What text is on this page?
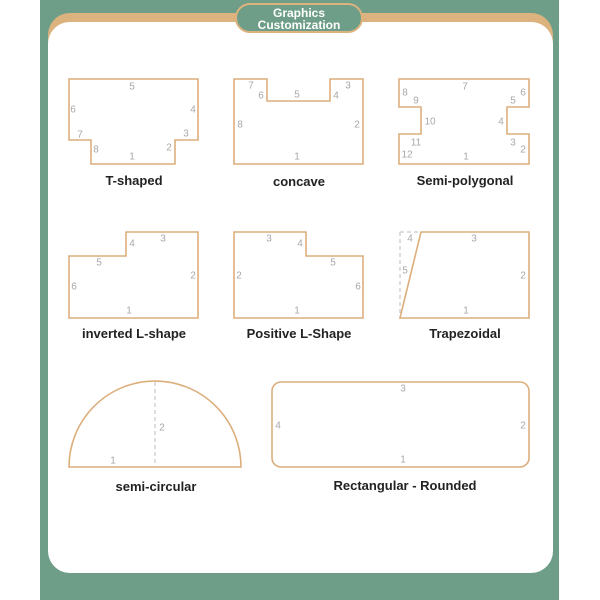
Graphics
Customization
1
2
3
4
5
6
7
8
T-shaped
1
2
3
4
5
6
7
8
concave
1
2
3
4
5
6
7
8
9
10
11
12
Semi-polygonal
1
2
3
4
5
6
inverted L-shape
1
2
3	4
5
6
Positive L-Shape
1
2
3
4
5
Trapezoidal
1
2
semi-circular
1
2
3
4
Rectangular - Rounded
